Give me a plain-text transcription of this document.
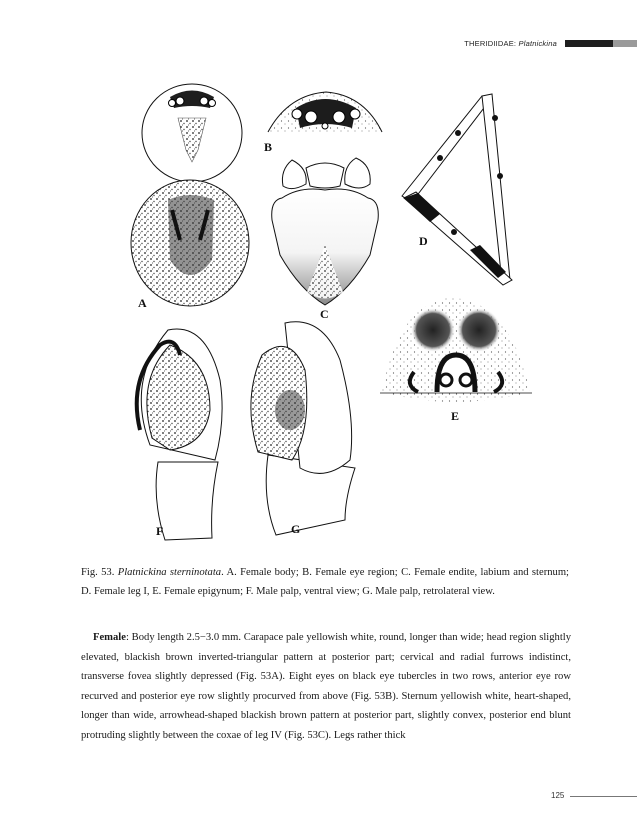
THERIDIIDAE: Platnickina
A
B
C
D
E
F	G
Fig. 53. Platnickina sterninotata. A. Female body; B. Female eye region; C. Female endite, labium and sternum; D. Female leg I, E. Female epigynum; F. Male palp, ventral view; G. Male palp, retrolateral view.
Female: Body length 2.5−3.0 mm. Carapace pale yellowish white, round, longer than wide; head region slightly elevated, blackish brown inverted-triangular pattern at posterior part; cervical and radial furrows indistinct, transverse fovea slightly depressed (Fig. 53A). Eight eyes on black eye tubercles in two rows, anterior eye row recurved and posterior eye row slightly procurved from above (Fig. 53B). Sternum yellowish white, heart-shaped, longer than wide, arrowhead-shaped blackish brown pattern at posterior part, slightly convex, posterior end blunt protruding slightly between the coxae of leg IV (Fig. 53C). Legs rather thick
125
